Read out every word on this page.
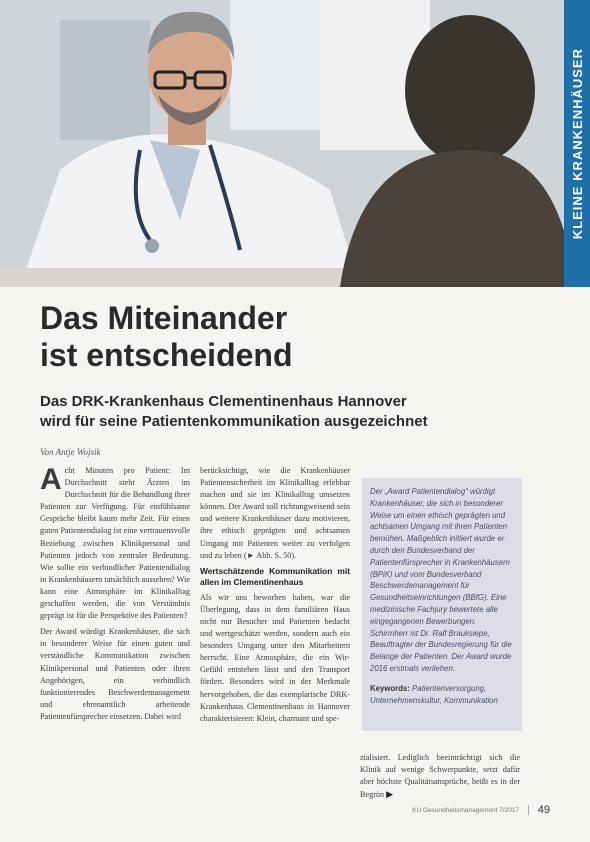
KLEINE KRANKENHÄUSER
Das Miteinander
ist entscheidend
Das DRK-Krankenhaus Clementinenhaus Hannover
wird für seine Patientenkommunikation ausgezeichnet
Von Antje Wojsik

Acht Minuten pro Patient: Im Durchschnitt steht Ärzten im Durchschnitt für die Behandlung ihrer Patienten zur Verfügung. Für einfühlsame Gespräche bleibt kaum mehr Zeit. Für einen guten Patientendialog ist eine vertrauensvolle Beziehung zwischen Klinikpersonal und Patienten jedoch von zentraler Bedeutung. Wie sollte ein verbindlicher Patientendialog in Krankenhäusern tatsächlich aussehen? Wie kann eine Atmosphäre im Klinikalltag geschaffen werden, die von Verständnis geprägt ist für die Perspektive des Patienten?

Der Award würdigt Krankenhäuser, die sich in besonderer Weise für einen guten und verständliche Kommunikation zwischen Klinikpersonal und Patienten oder ihren Angehörigen, ein verbindlich funktionierendes Beschwerdemanagement und ehrenamtlich arbeitende Patientenfürsprecher einsetzen. Dabei wird

berücksichtigt, wie die Krankenhäuser Patientensicherheit im Klinikalltag erlebbar machen und sie im Klinikalltag umsetzen können. Der Award soll richtungweisend sein und weitere Krankenhäuser dazu motivieren, ihre ethisch geprägten und achtsamen Umgang mit Patienten weiter zu verfolgen und zu leben (► Abb. S. 50).

Wertschätzende Kommunikation mit allen im Clementinenhaus

Als wir uns beworben haben, war die Überlegung, dass in dem familiären Haus nicht nur Besucher und Patienten bedacht und wertgeschätzt werden, sondern auch ein besonders Umgang unter den Mitarbeitern herrscht. Eine Atmosphäre, die ein Wir-Gefühl entstehen lässt und den Transport fördert. Besonders wird in der Merkmale hervorgehoben, die das exemplarische DRK-Krankenhaus Clementinenhaus in Hannover charakterisieren: Klein, charmant und spe-

Der „Award Patientendialog“ würdigt Krankenhäuser, die sich in besonderer Weise um einen ethisch geprägten und achtsamen Umgang mit ihren Patienten bemühen. Maßgeblich initiiert wurde er durch den Bundesverband der Patientenfürsprecher in Krankenhäusern (BPiK) und vom Bundesverband Beschwerdemanagement für Gesundheitseinrichtungen (BBfG). Eine medizinische Fachjury bewertete alle eingegangenen Bewerbungen. Schirmherr ist Dr. Ralf Brauksiepe, Beauftragter der Bundesregierung für die Belange der Patienten. Der Award wurde 2016 erstmals verliehen.
Keywords: Patientenversorgung, Unternehmenskultur, Kommunikation

zialisiert. Lediglich beeinträchtigt sich die Klinik auf wenige Schwerpunkte, setzt dafür aber höchste Qualitätsansprüche, heißt es in der Begrün ▶

KU Gesundheitsmanagement 7/2017 | 49
